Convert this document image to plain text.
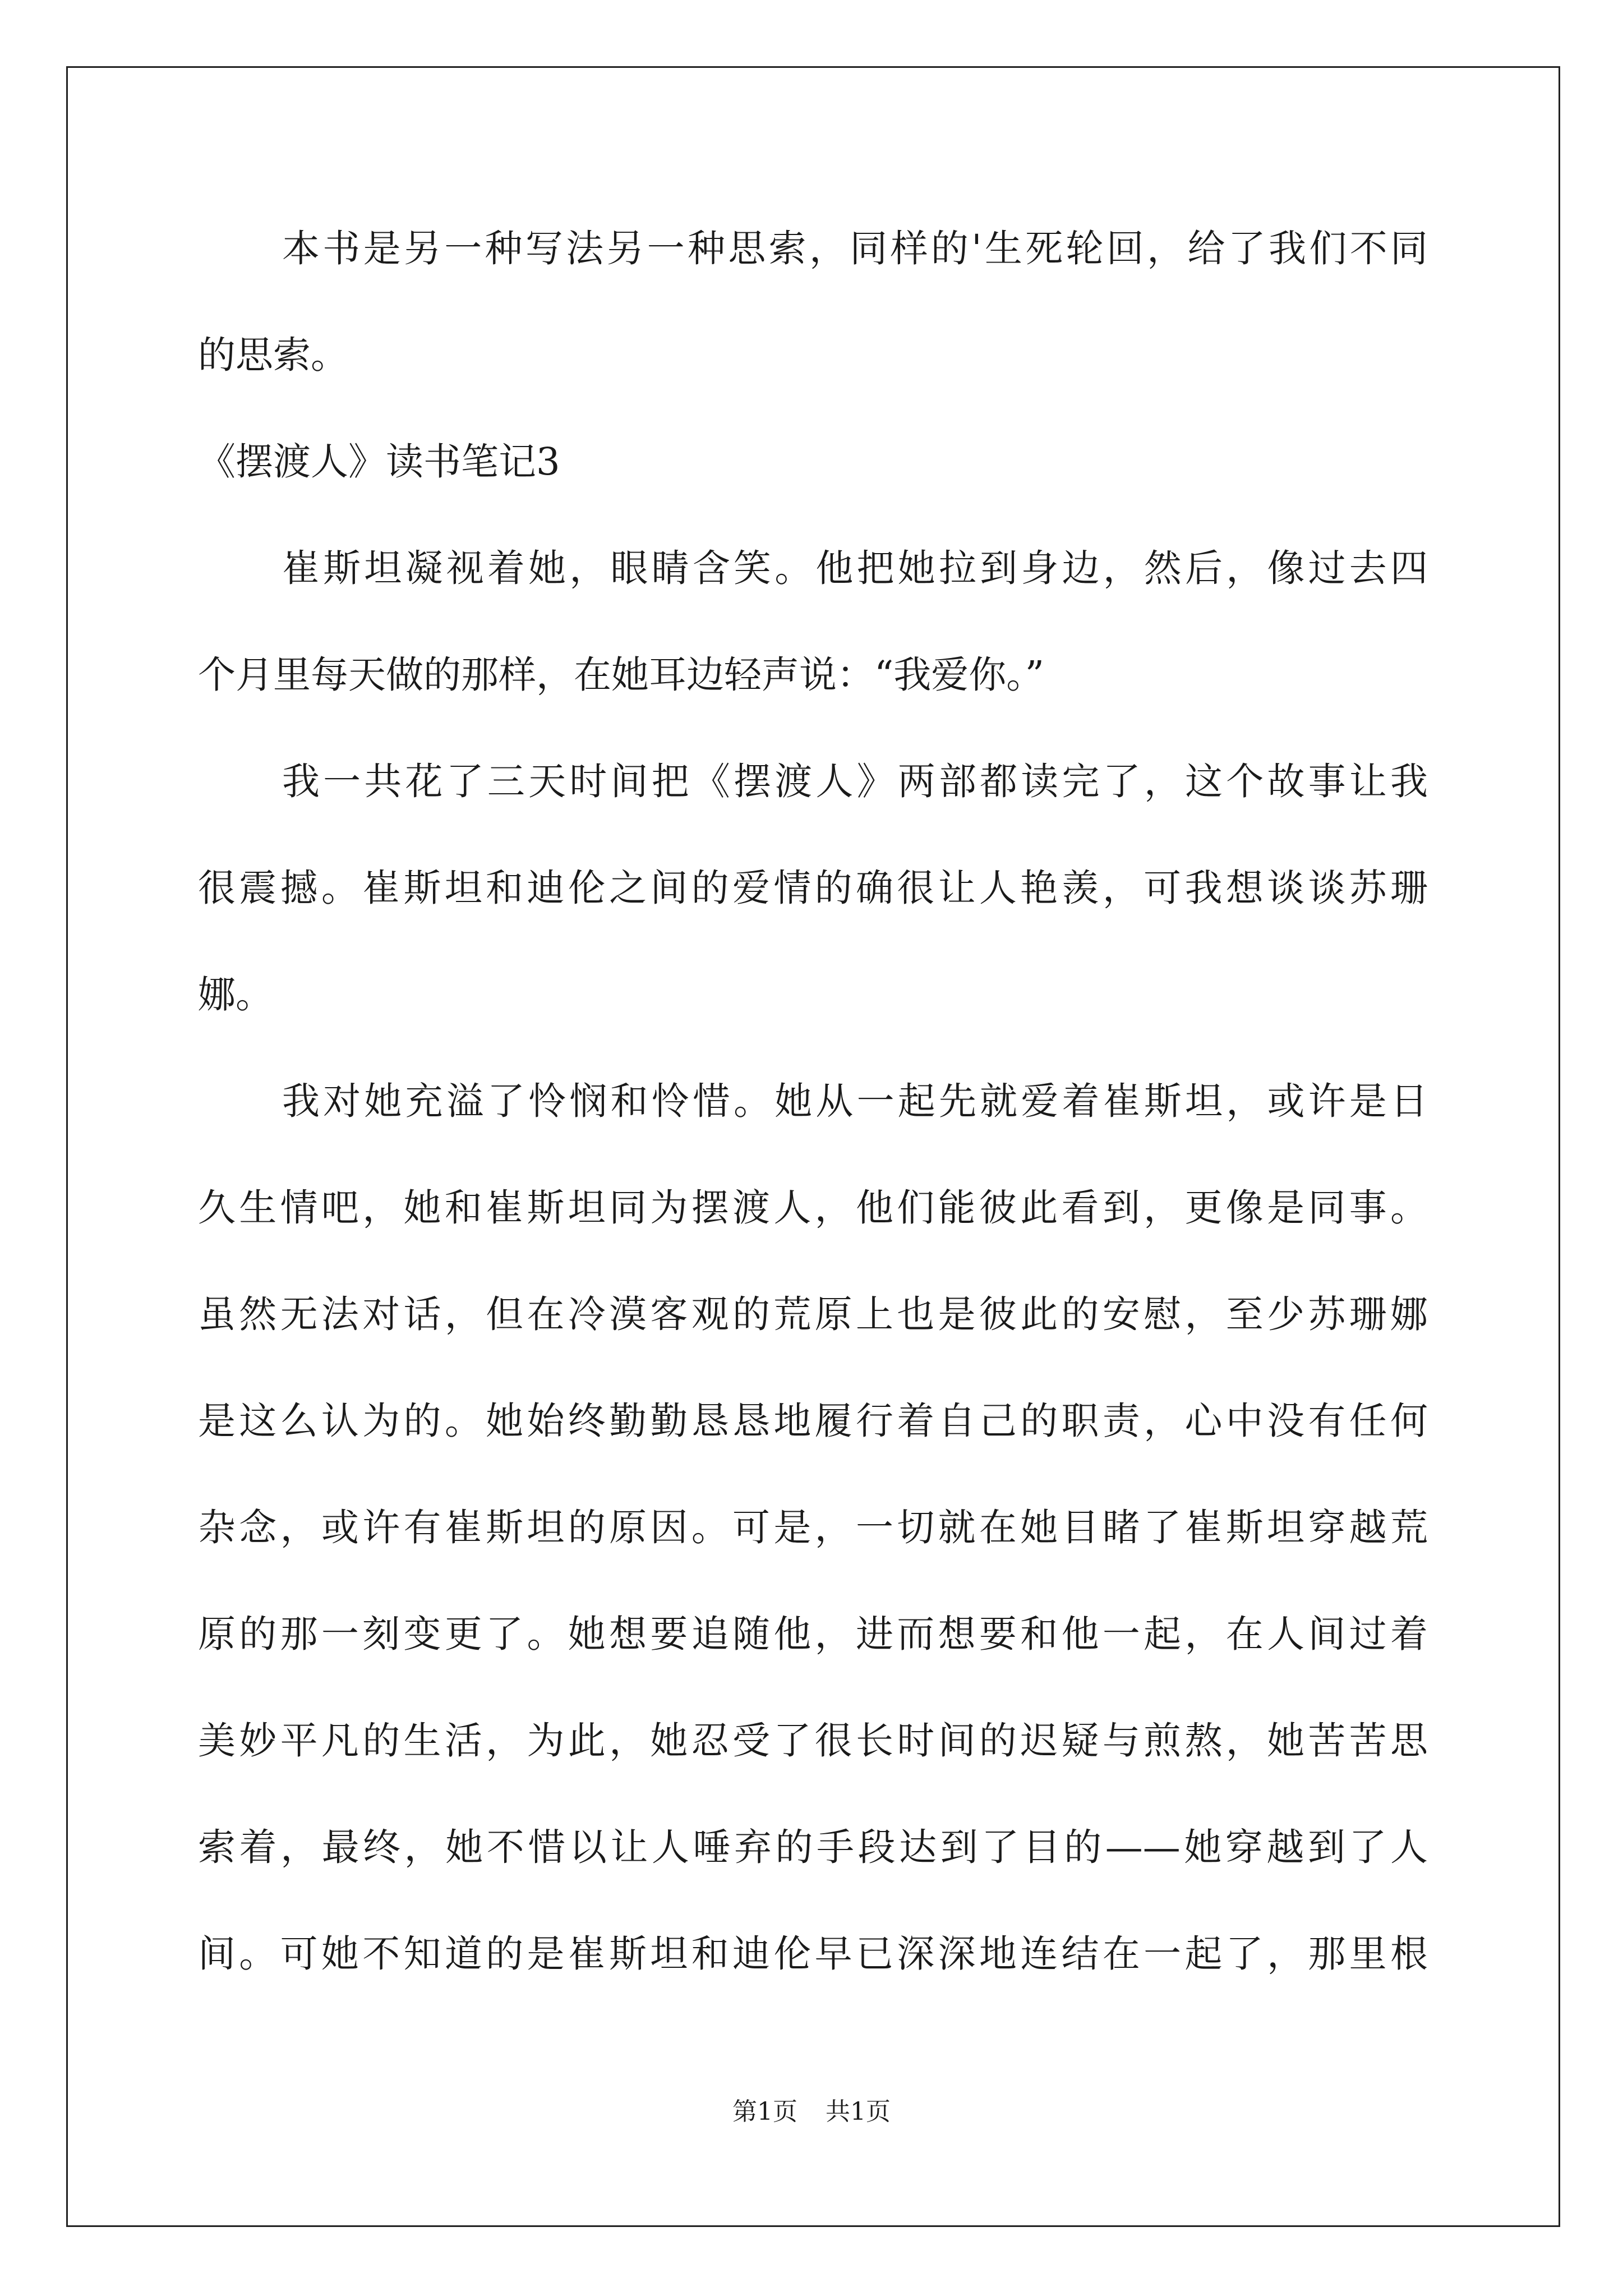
本书是另一种写法另一种思索，同样的'生死轮回，给了我们不同
的思索。
《摆渡人》读书笔记3
崔斯坦凝视着她，眼睛含笑。他把她拉到身边，然后，像过去四
个月里每天做的那样，在她耳边轻声说：“我爱你。”
我一共花了三天时间把《摆渡人》两部都读完了，这个故事让我
很震撼。崔斯坦和迪伦之间的爱情的确很让人艳羡，可我想谈谈苏珊
娜。
我对她充溢了怜悯和怜惜。她从一起先就爱着崔斯坦，或许是日
久生情吧，她和崔斯坦同为摆渡人，他们能彼此看到，更像是同事。
虽然无法对话，但在冷漠客观的荒原上也是彼此的安慰，至少苏珊娜
是这么认为的。她始终勤勤恳恳地履行着自己的职责，心中没有任何
杂念，或许有崔斯坦的原因。可是，一切就在她目睹了崔斯坦穿越荒
原的那一刻变更了。她想要追随他，进而想要和他一起，在人间过着
美妙平凡的生活，为此，她忍受了很长时间的迟疑与煎熬，她苦苦思
索着，最终，她不惜以让人唾弃的手段达到了目的——她穿越到了人
间。可她不知道的是崔斯坦和迪伦早已深深地连结在一起了，那里根
第1页 共1页
